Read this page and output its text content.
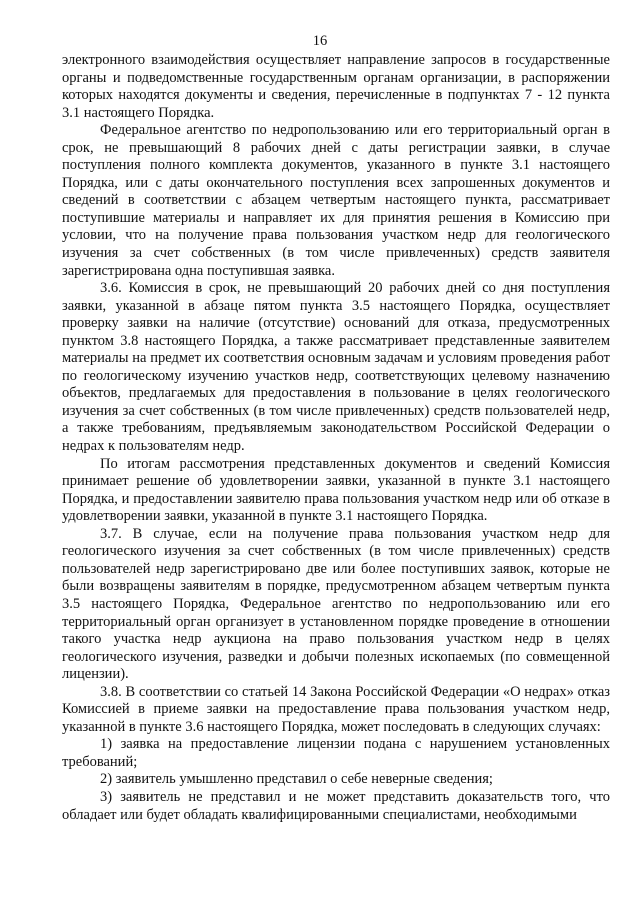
16

электронного взаимодействия осуществляет направление запросов в государственные органы и подведомственные государственным органам организации, в распоряжении которых находятся документы и сведения, перечисленные в подпунктах 7 - 12 пункта 3.1 настоящего Порядка.

Федеральное агентство по недропользованию или его территориальный орган в срок, не превышающий 8 рабочих дней с даты регистрации заявки, в случае поступления полного комплекта документов, указанного в пункте 3.1 настоящего Порядка, или с даты окончательного поступления всех запрошенных документов и сведений в соответствии с абзацем четвертым настоящего пункта, рассматривает поступившие материалы и направляет их для принятия решения в Комиссию при условии, что на получение права пользования участком недр для геологического изучения за счет собственных (в том числе привлеченных) средств заявителя зарегистрирована одна поступившая заявка.

3.6. Комиссия в срок, не превышающий 20 рабочих дней со дня поступления заявки, указанной в абзаце пятом пункта 3.5 настоящего Порядка, осуществляет проверку заявки на наличие (отсутствие) оснований для отказа, предусмотренных пунктом 3.8 настоящего Порядка, а также рассматривает представленные заявителем материалы на предмет их соответствия основным задачам и условиям проведения работ по геологическому изучению участков недр, соответствующих целевому назначению объектов, предлагаемых для предоставления в пользование в целях геологического изучения за счет собственных (в том числе привлеченных) средств пользователей недр, а также требованиям, предъявляемым законодательством Российской Федерации о недрах к пользователям недр.

По итогам рассмотрения представленных документов и сведений Комиссия принимает решение об удовлетворении заявки, указанной в пункте 3.1 настоящего Порядка, и предоставлении заявителю права пользования участком недр или об отказе в удовлетворении заявки, указанной в пункте 3.1 настоящего Порядка.

3.7. В случае, если на получение права пользования участком недр для геологического изучения за счет собственных (в том числе привлеченных) средств пользователей недр зарегистрировано две или более поступивших заявок, которые не были возвращены заявителям в порядке, предусмотренном абзацем четвертым пункта 3.5 настоящего Порядка, Федеральное агентство по недропользованию или его территориальный орган организует в установленном порядке проведение в отношении такого участка недр аукциона на право пользования участком недр в целях геологического изучения, разведки и добычи полезных ископаемых (по совмещенной лицензии).

3.8. В соответствии со статьей 14 Закона Российской Федерации «О недрах» отказ Комиссией в приеме заявки на предоставление права пользования участком недр, указанной в пункте 3.6 настоящего Порядка, может последовать в следующих случаях:

1) заявка на предоставление лицензии подана с нарушением установленных требований;

2) заявитель умышленно представил о себе неверные сведения;

3) заявитель не представил и не может представить доказательств того, что обладает или будет обладать квалифицированными специалистами, необходимыми
